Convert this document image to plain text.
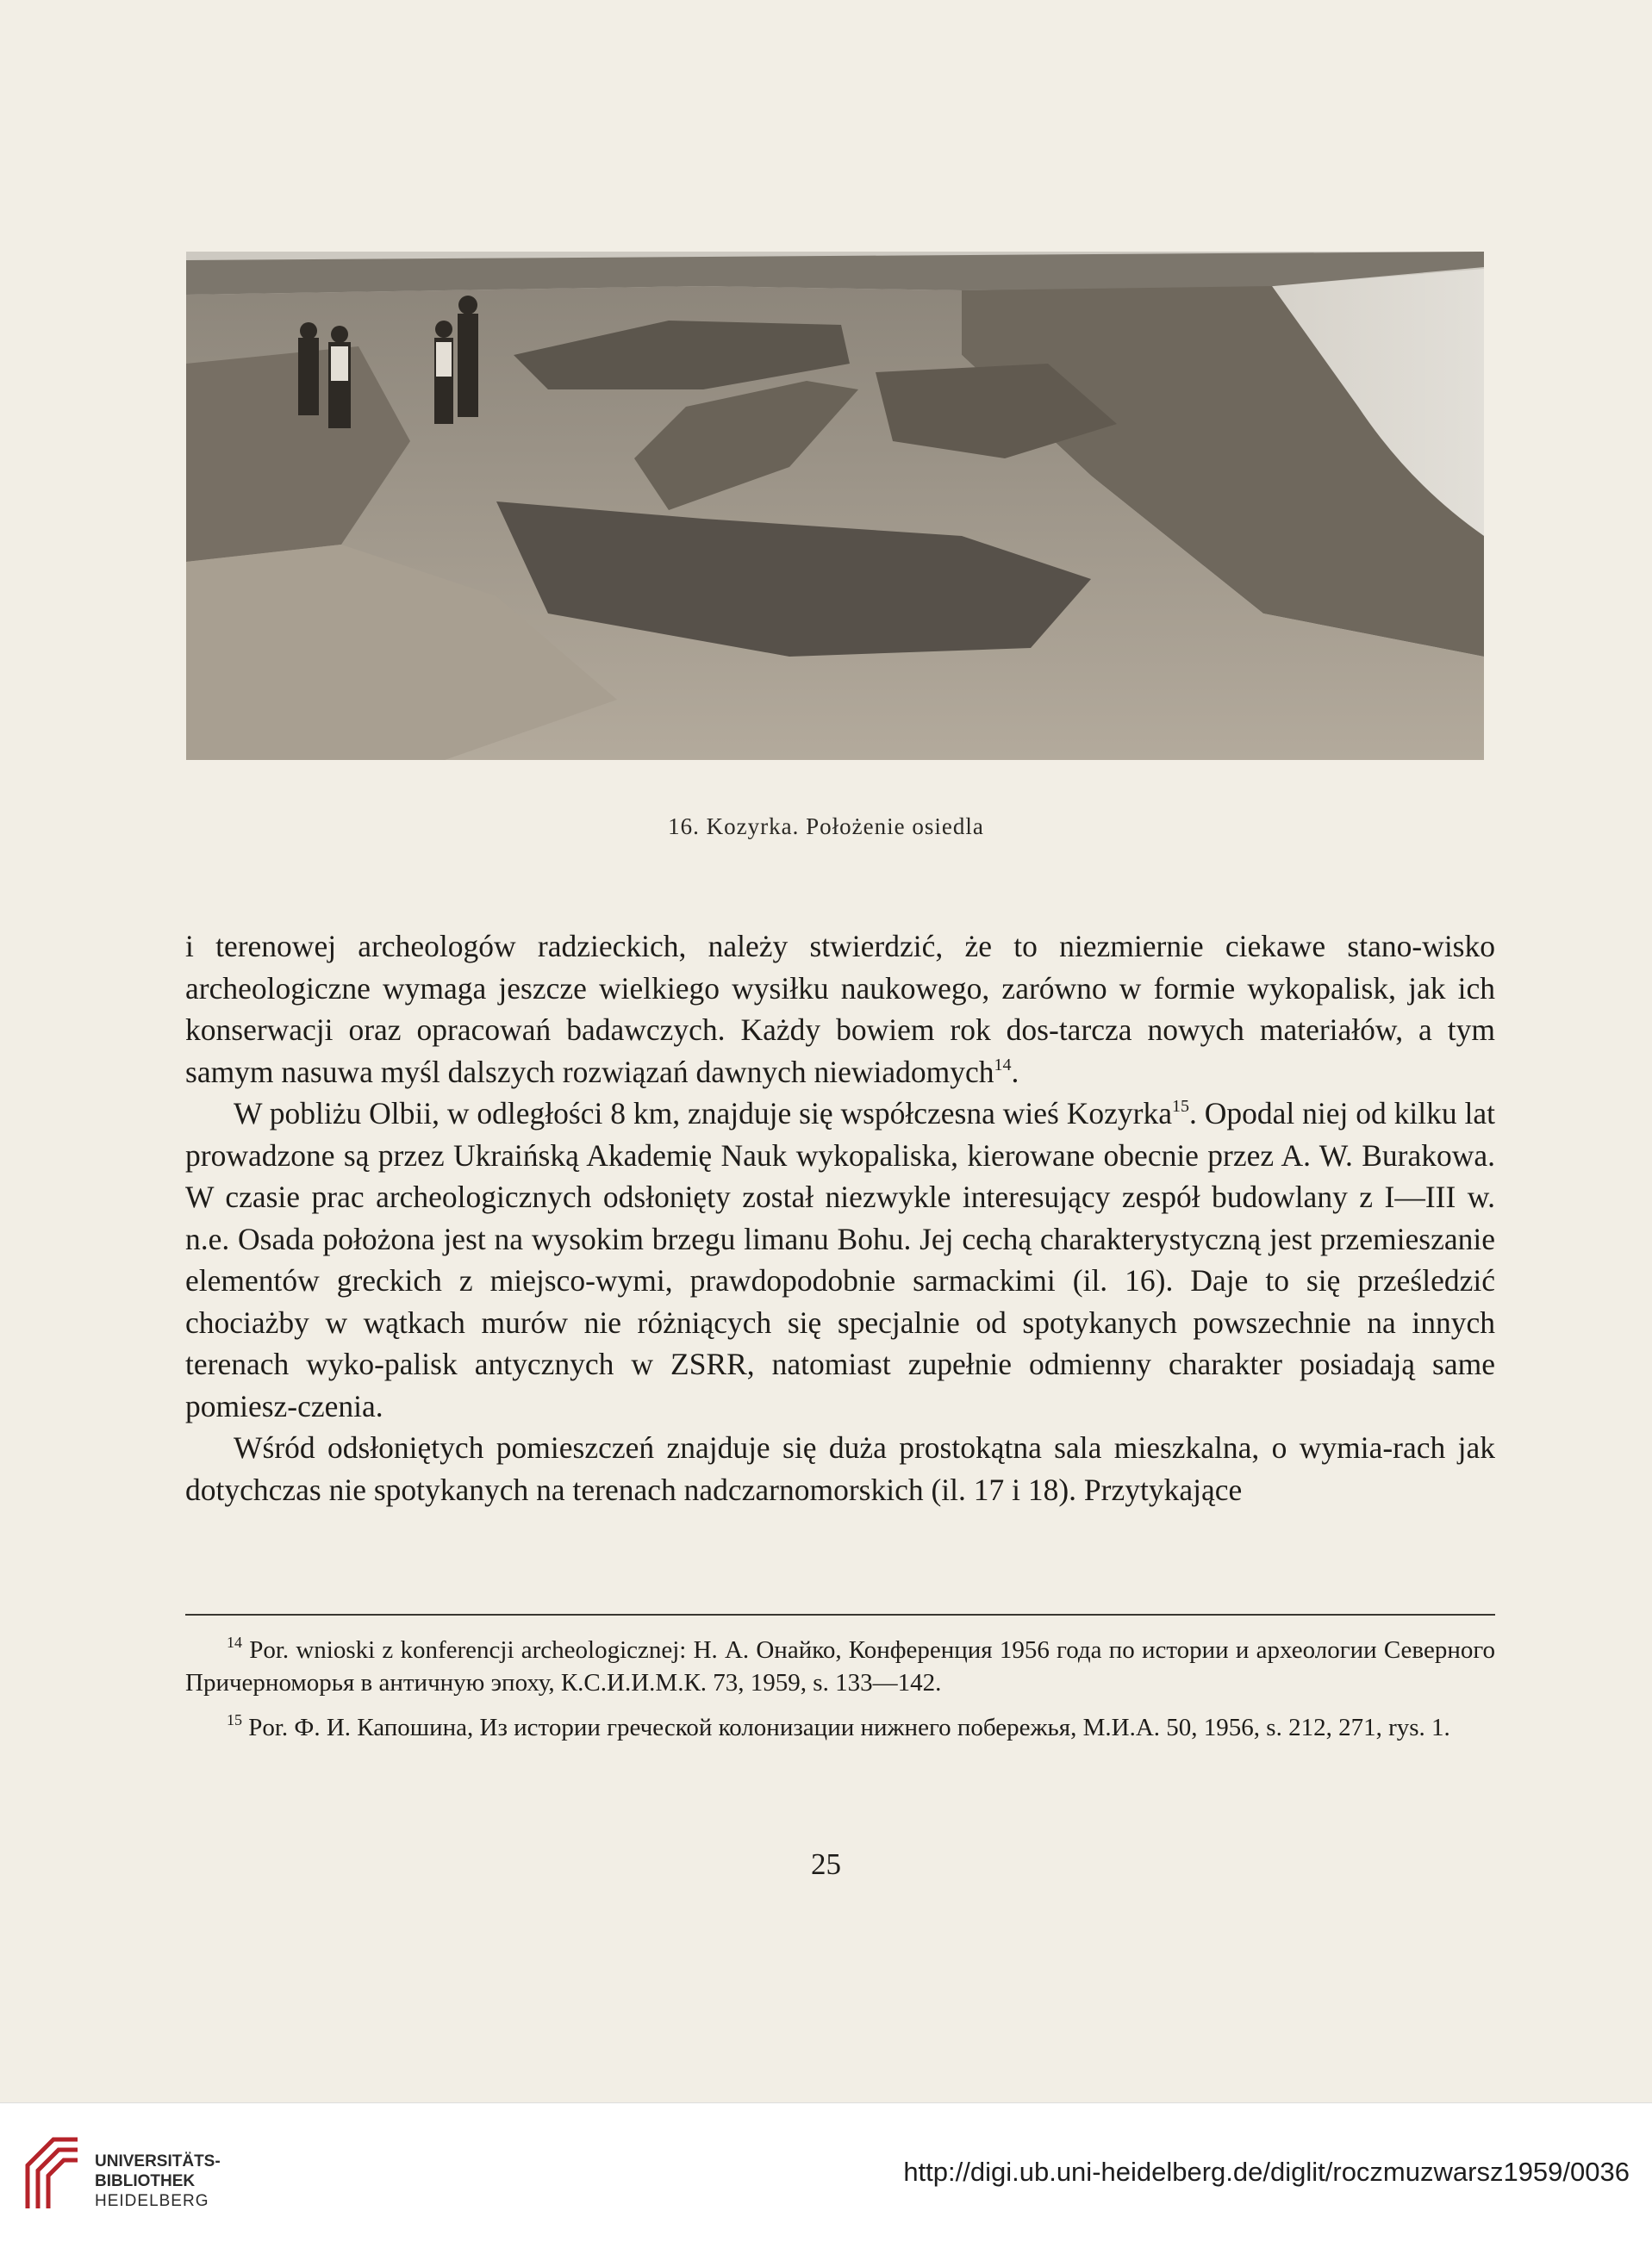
16. Kozyrka. Położenie osiedla

i terenowej archeologów radzieckich, należy stwierdzić, że to niezmiernie ciekawe stano-wisko archeologiczne wymaga jeszcze wielkiego wysiłku naukowego, zarówno w formie wykopalisk, jak ich konserwacji oraz opracowań badawczych. Każdy bowiem rok dos-tarcza nowych materiałów, a tym samym nasuwa myśl dalszych rozwiązań dawnych niewiadomych$^{14}$.

W pobliżu Olbii, w odległości 8 km, znajduje się współczesna wieś Kozyrka$^{15}$. Opodal niej od kilku lat prowadzone są przez Ukraińską Akademię Nauk wykopaliska, kierowane obecnie przez A. W. Burakowa. W czasie prac archeologicznych odsłonięty został niezwykle interesujący zespół budowlany z I—III w. n.e. Osada położona jest na wysokim brzegu limanu Bohu. Jej cechą charakterystyczną jest przemieszanie elementów greckich z miejsco-wymi, prawdopodobnie sarmackimi (il. 16). Daje to się prześledzić chociażby w wątkach murów nie różniących się specjalnie od spotykanych powszechnie na innych terenach wyko-palisk antycznych w ZSRR, natomiast zupełnie odmienny charakter posiadają same pomiesz-czenia.

Wśród odsłoniętych pomieszczeń znajduje się duża prostokątna sala mieszkalna, o wymia-rach jak dotychczas nie spotykanych na terenach nadczarnomorskich (il. 17 i 18). Przytykające

$^{14}$ Por. wnioski z konferencji archeologicznej: Н. А. Онайко, Конференция 1956 года по истории и археологии Северного Причерноморья в античную эпоху, К.С.И.И.М.К. 73, 1959, s. 133—142.

$^{15}$ Por. Ф. И. Капошина, Из истории греческой колонизации нижнего побережья, М.И.А. 50, 1956, s. 212, 271, rys. 1.

25
UNIVERSITÄTS-
BIBLIOTHEK
HEIDELBERG
http://digi.ub.uni-heidelberg.de/diglit/roczmuzwarsz1959/0036
